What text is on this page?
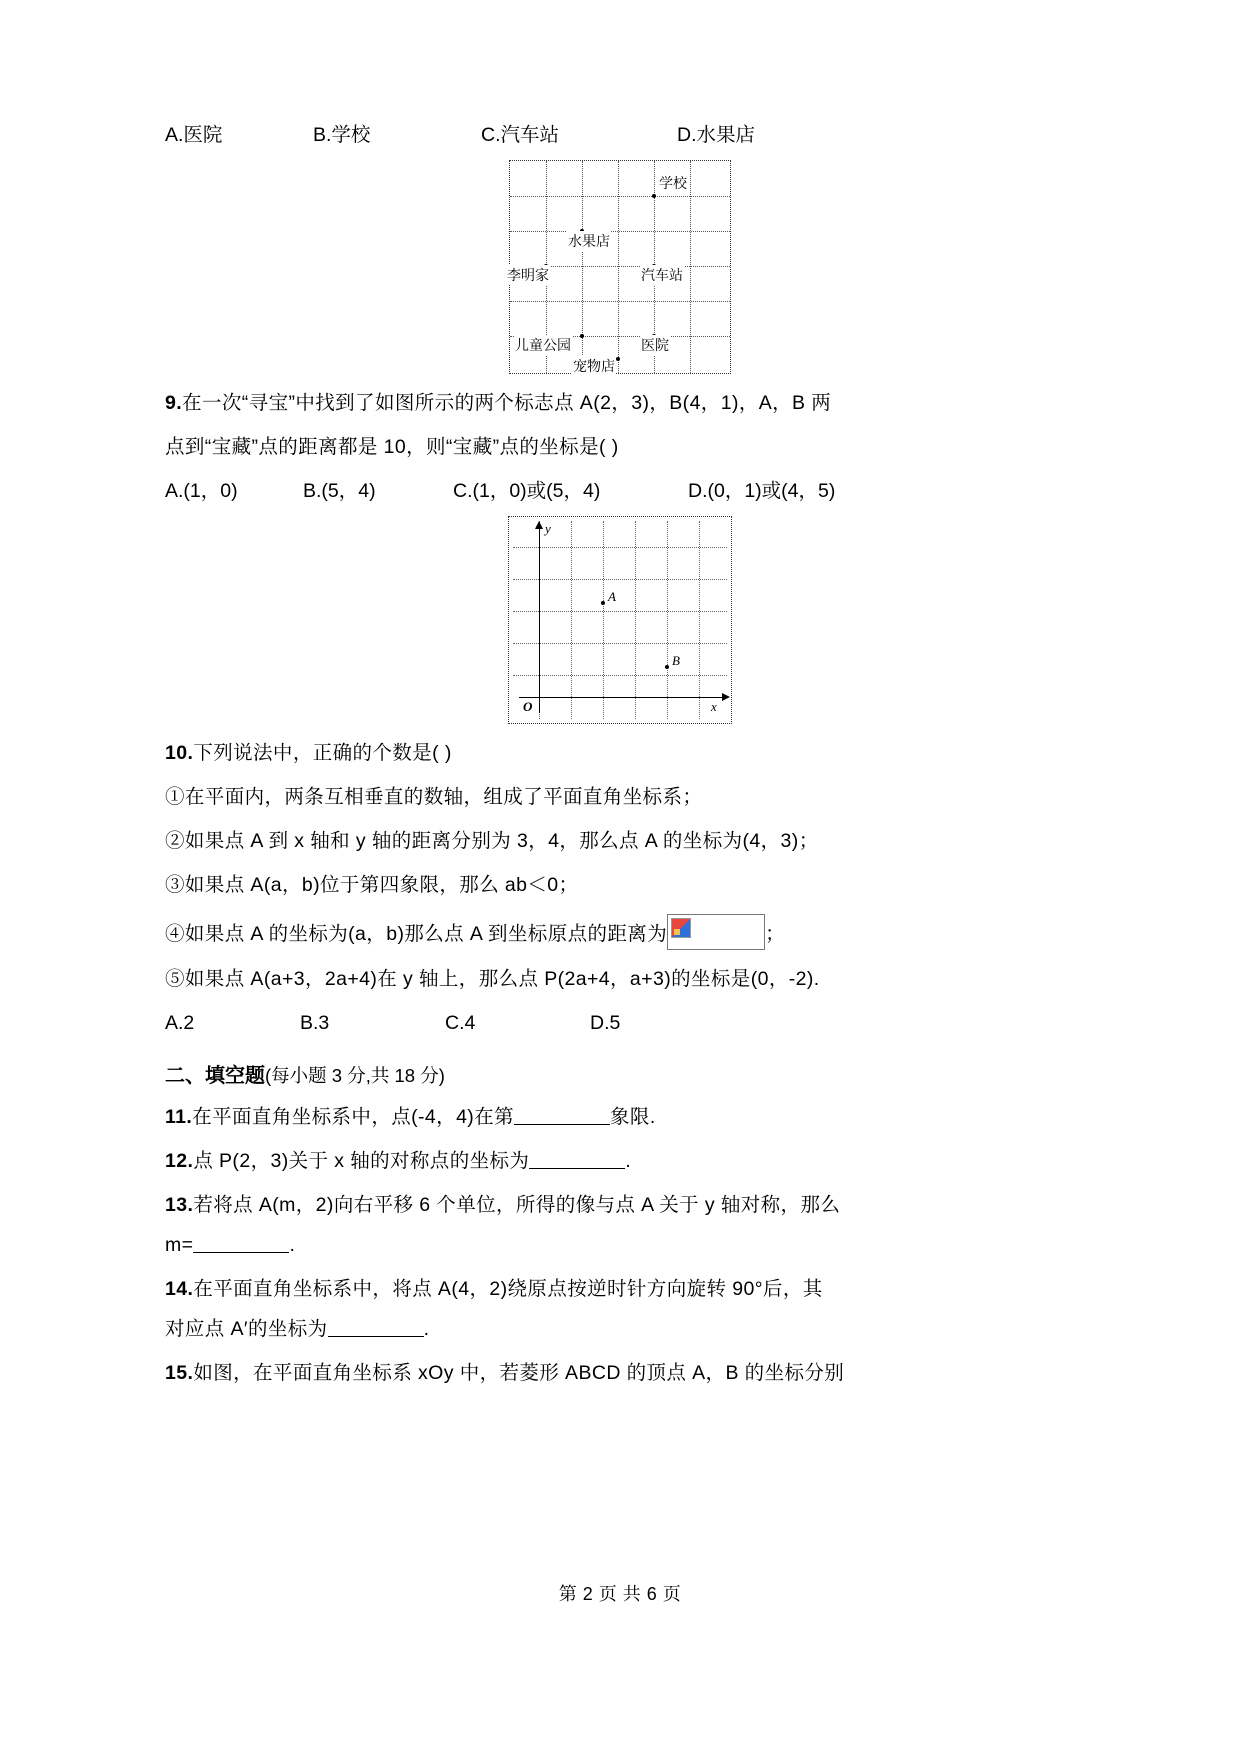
A.医院	B.学校	C.汽车站	D.水果店
学校
水果店
李明家	汽车站
儿童公园	医院
宠物店
9.在一次“寻宝”中找到了如图所示的两个标志点 A(2，3)，B(4，1)，A，B 两
点到“宝藏”点的距离都是 10，则“宝藏”点的坐标是( )
A.(1，0)	B.(5，4)	C.(1，0)或(5，4)	D.(0，1)或(4，5)
y
x
O
A
B
10.下列说法中，正确的个数是( )
①在平面内，两条互相垂直的数轴，组成了平面直角坐标系；
②如果点 A 到 x 轴和 y 轴的距离分别为 3，4，那么点 A 的坐标为(4，3)；
③如果点 A(a，b)位于第四象限，那么 ab＜0；
④如果点 A 的坐标为(a，b)那么点 A 到坐标原点的距离为	；
⑤如果点 A(a+3，2a+4)在 y 轴上，那么点 P(2a+4，a+3)的坐标是(0，-2).
A.2	B.3	C.4	D.5
二、填空题(每小题 3 分,共 18 分)
11.在平面直角坐标系中，点(-4，4)在第	象限.
12.点 P(2，3)关于 x 轴的对称点的坐标为	.
13.若将点 A(m，2)向右平移 6 个单位，所得的像与点 A 关于 y 轴对称，那么
m=	.
14.在平面直角坐标系中，将点 A(4，2)绕原点按逆时针方向旋转 90°后，其
对应点 A′的坐标为	.
15.如图，在平面直角坐标系 xOy 中，若菱形 ABCD 的顶点 A，B 的坐标分别
第 2 页 共 6 页
